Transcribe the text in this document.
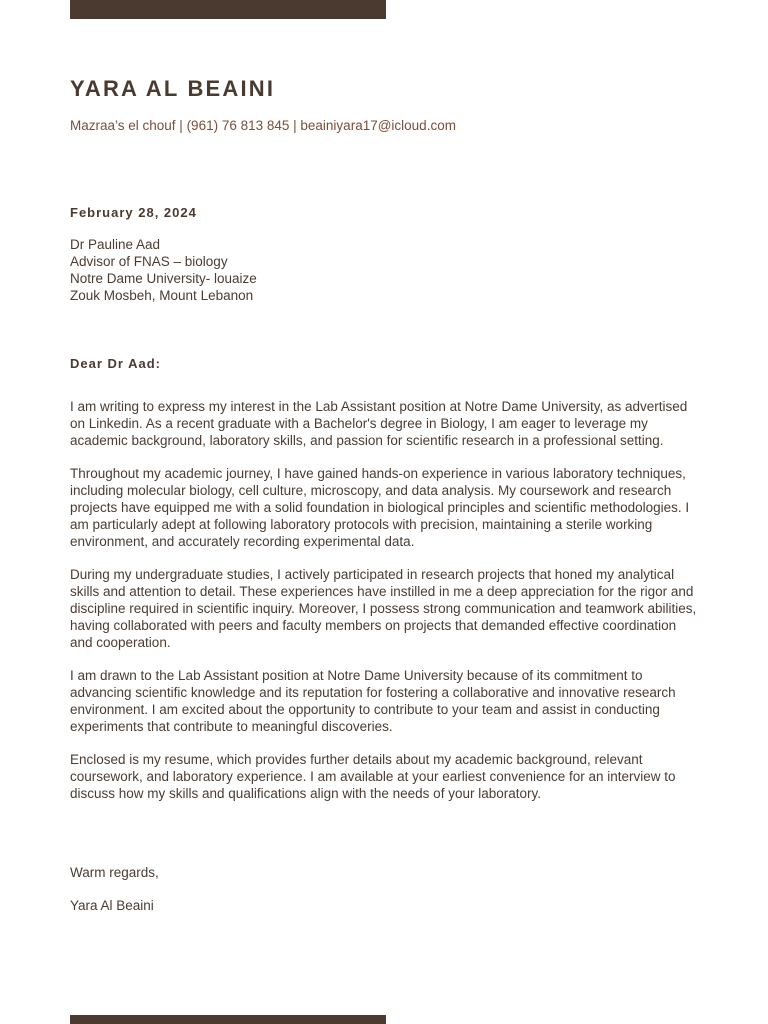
YARA AL BEAINI
Mazraa’s el chouf | (961) 76 813 845 | beainiyara17@icloud.com
February 28, 2024
Dr Pauline Aad
Advisor of FNAS – biology
Notre Dame University- louaize
Zouk Mosbeh, Mount Lebanon
Dear Dr Aad:

I am writing to express my interest in the Lab Assistant position at Notre Dame University, as advertised on Linkedin. As a recent graduate with a Bachelor's degree in Biology, I am eager to leverage my academic background, laboratory skills, and passion for scientific research in a professional setting.

Throughout my academic journey, I have gained hands-on experience in various laboratory techniques, including molecular biology, cell culture, microscopy, and data analysis. My coursework and research projects have equipped me with a solid foundation in biological principles and scientific methodologies. I am particularly adept at following laboratory protocols with precision, maintaining a sterile working environment, and accurately recording experimental data.

During my undergraduate studies, I actively participated in research projects that honed my analytical skills and attention to detail. These experiences have instilled in me a deep appreciation for the rigor and discipline required in scientific inquiry. Moreover, I possess strong communication and teamwork abilities, having collaborated with peers and faculty members on projects that demanded effective coordination and cooperation.

I am drawn to the Lab Assistant position at Notre Dame University because of its commitment to advancing scientific knowledge and its reputation for fostering a collaborative and innovative research environment. I am excited about the opportunity to contribute to your team and assist in conducting experiments that contribute to meaningful discoveries.

Enclosed is my resume, which provides further details about my academic background, relevant coursework, and laboratory experience. I am available at your earliest convenience for an interview to discuss how my skills and qualifications align with the needs of your laboratory.

Warm regards,
Yara Al Beaini
